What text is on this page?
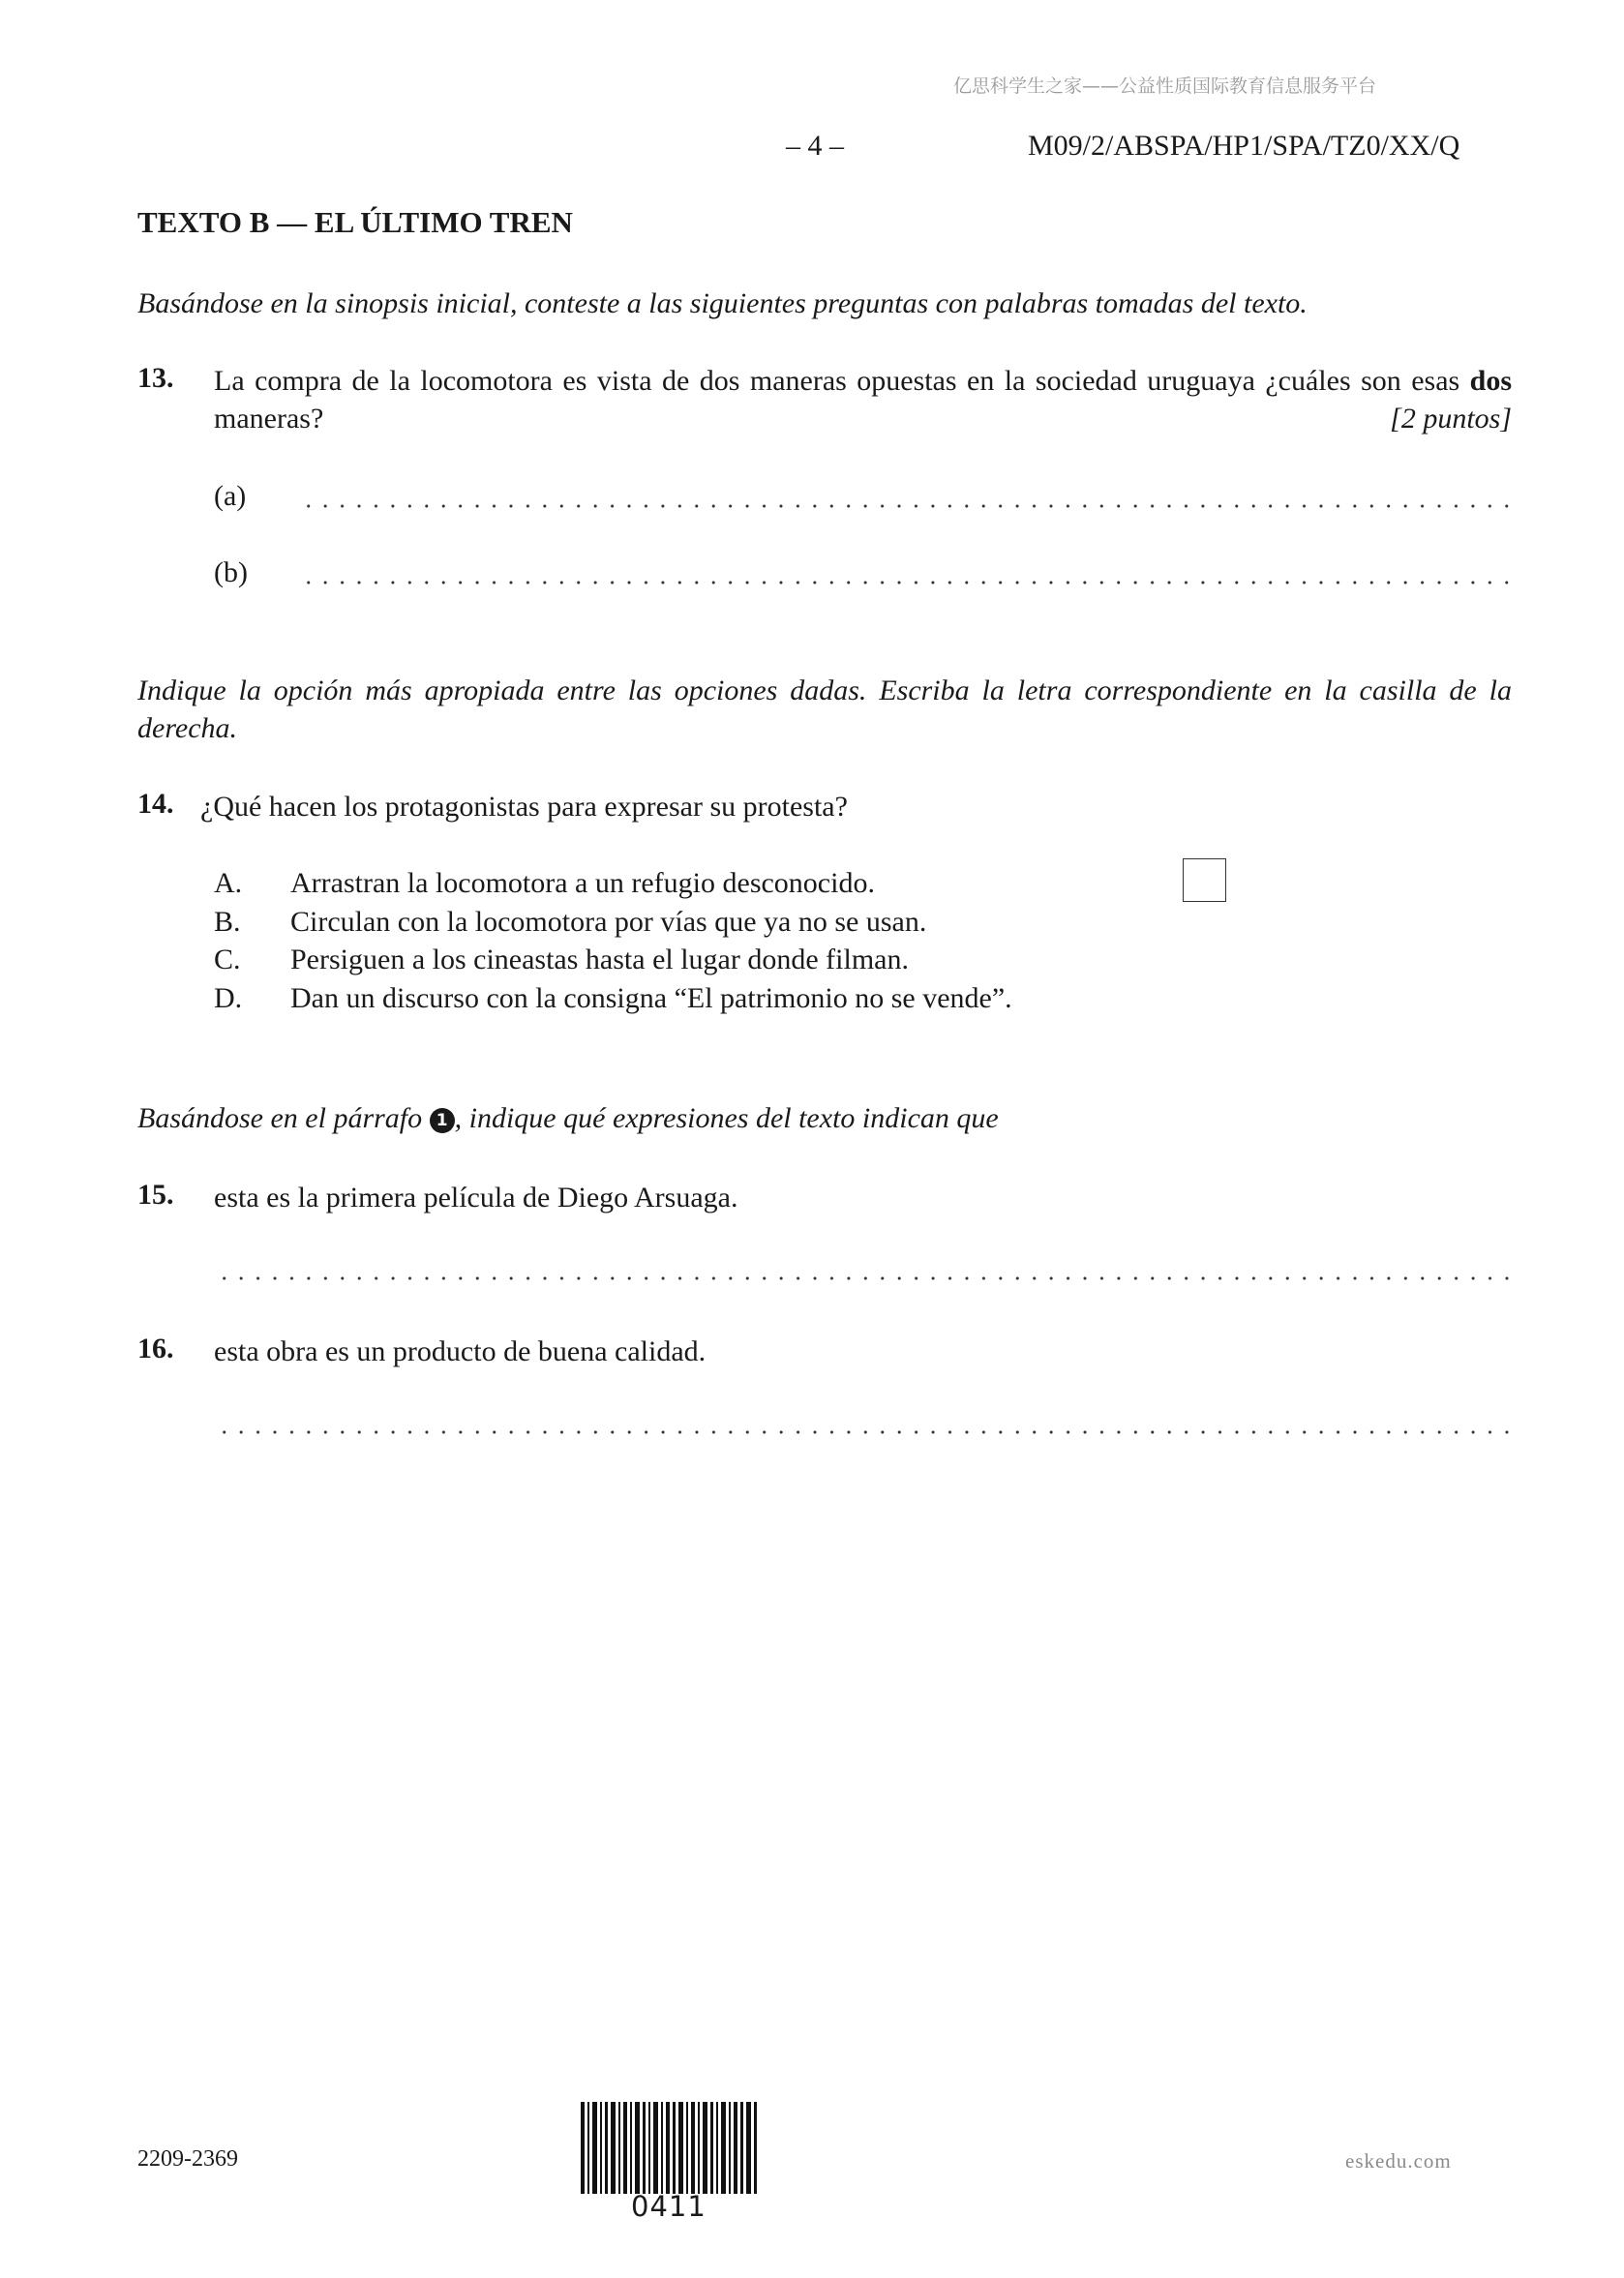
亿思科学生之家——公益性质国际教育信息服务平台
– 4 –	M09/2/ABSPA/HP1/SPA/TZ0/XX/Q
TEXTO B — EL ÚLTIMO TREN
Basándose en la sinopsis inicial, conteste a las siguientes preguntas con palabras tomadas del texto.
13. La compra de la locomotora es vista de dos maneras opuestas en la sociedad uruguaya ¿cuáles son esas dos maneras?	[2 puntos]
(a)
(b)
Indique la opción más apropiada entre las opciones dadas. Escriba la letra correspondiente en la casilla de la derecha.
14. ¿Qué hacen los protagonistas para expresar su protesta?
A. Arrastran la locomotora a un refugio desconocido.
B. Circulan con la locomotora por vías que ya no se usan.
C. Persiguen a los cineastas hasta el lugar donde filman.
D. Dan un discurso con la consigna “El patrimonio no se vende”.
Basándose en el párrafo 1 , indique qué expresiones del texto indican que
15. esta es la primera película de Diego Arsuaga.
16. esta obra es un producto de buena calidad.
2209-2369
0411
eskedu.com
